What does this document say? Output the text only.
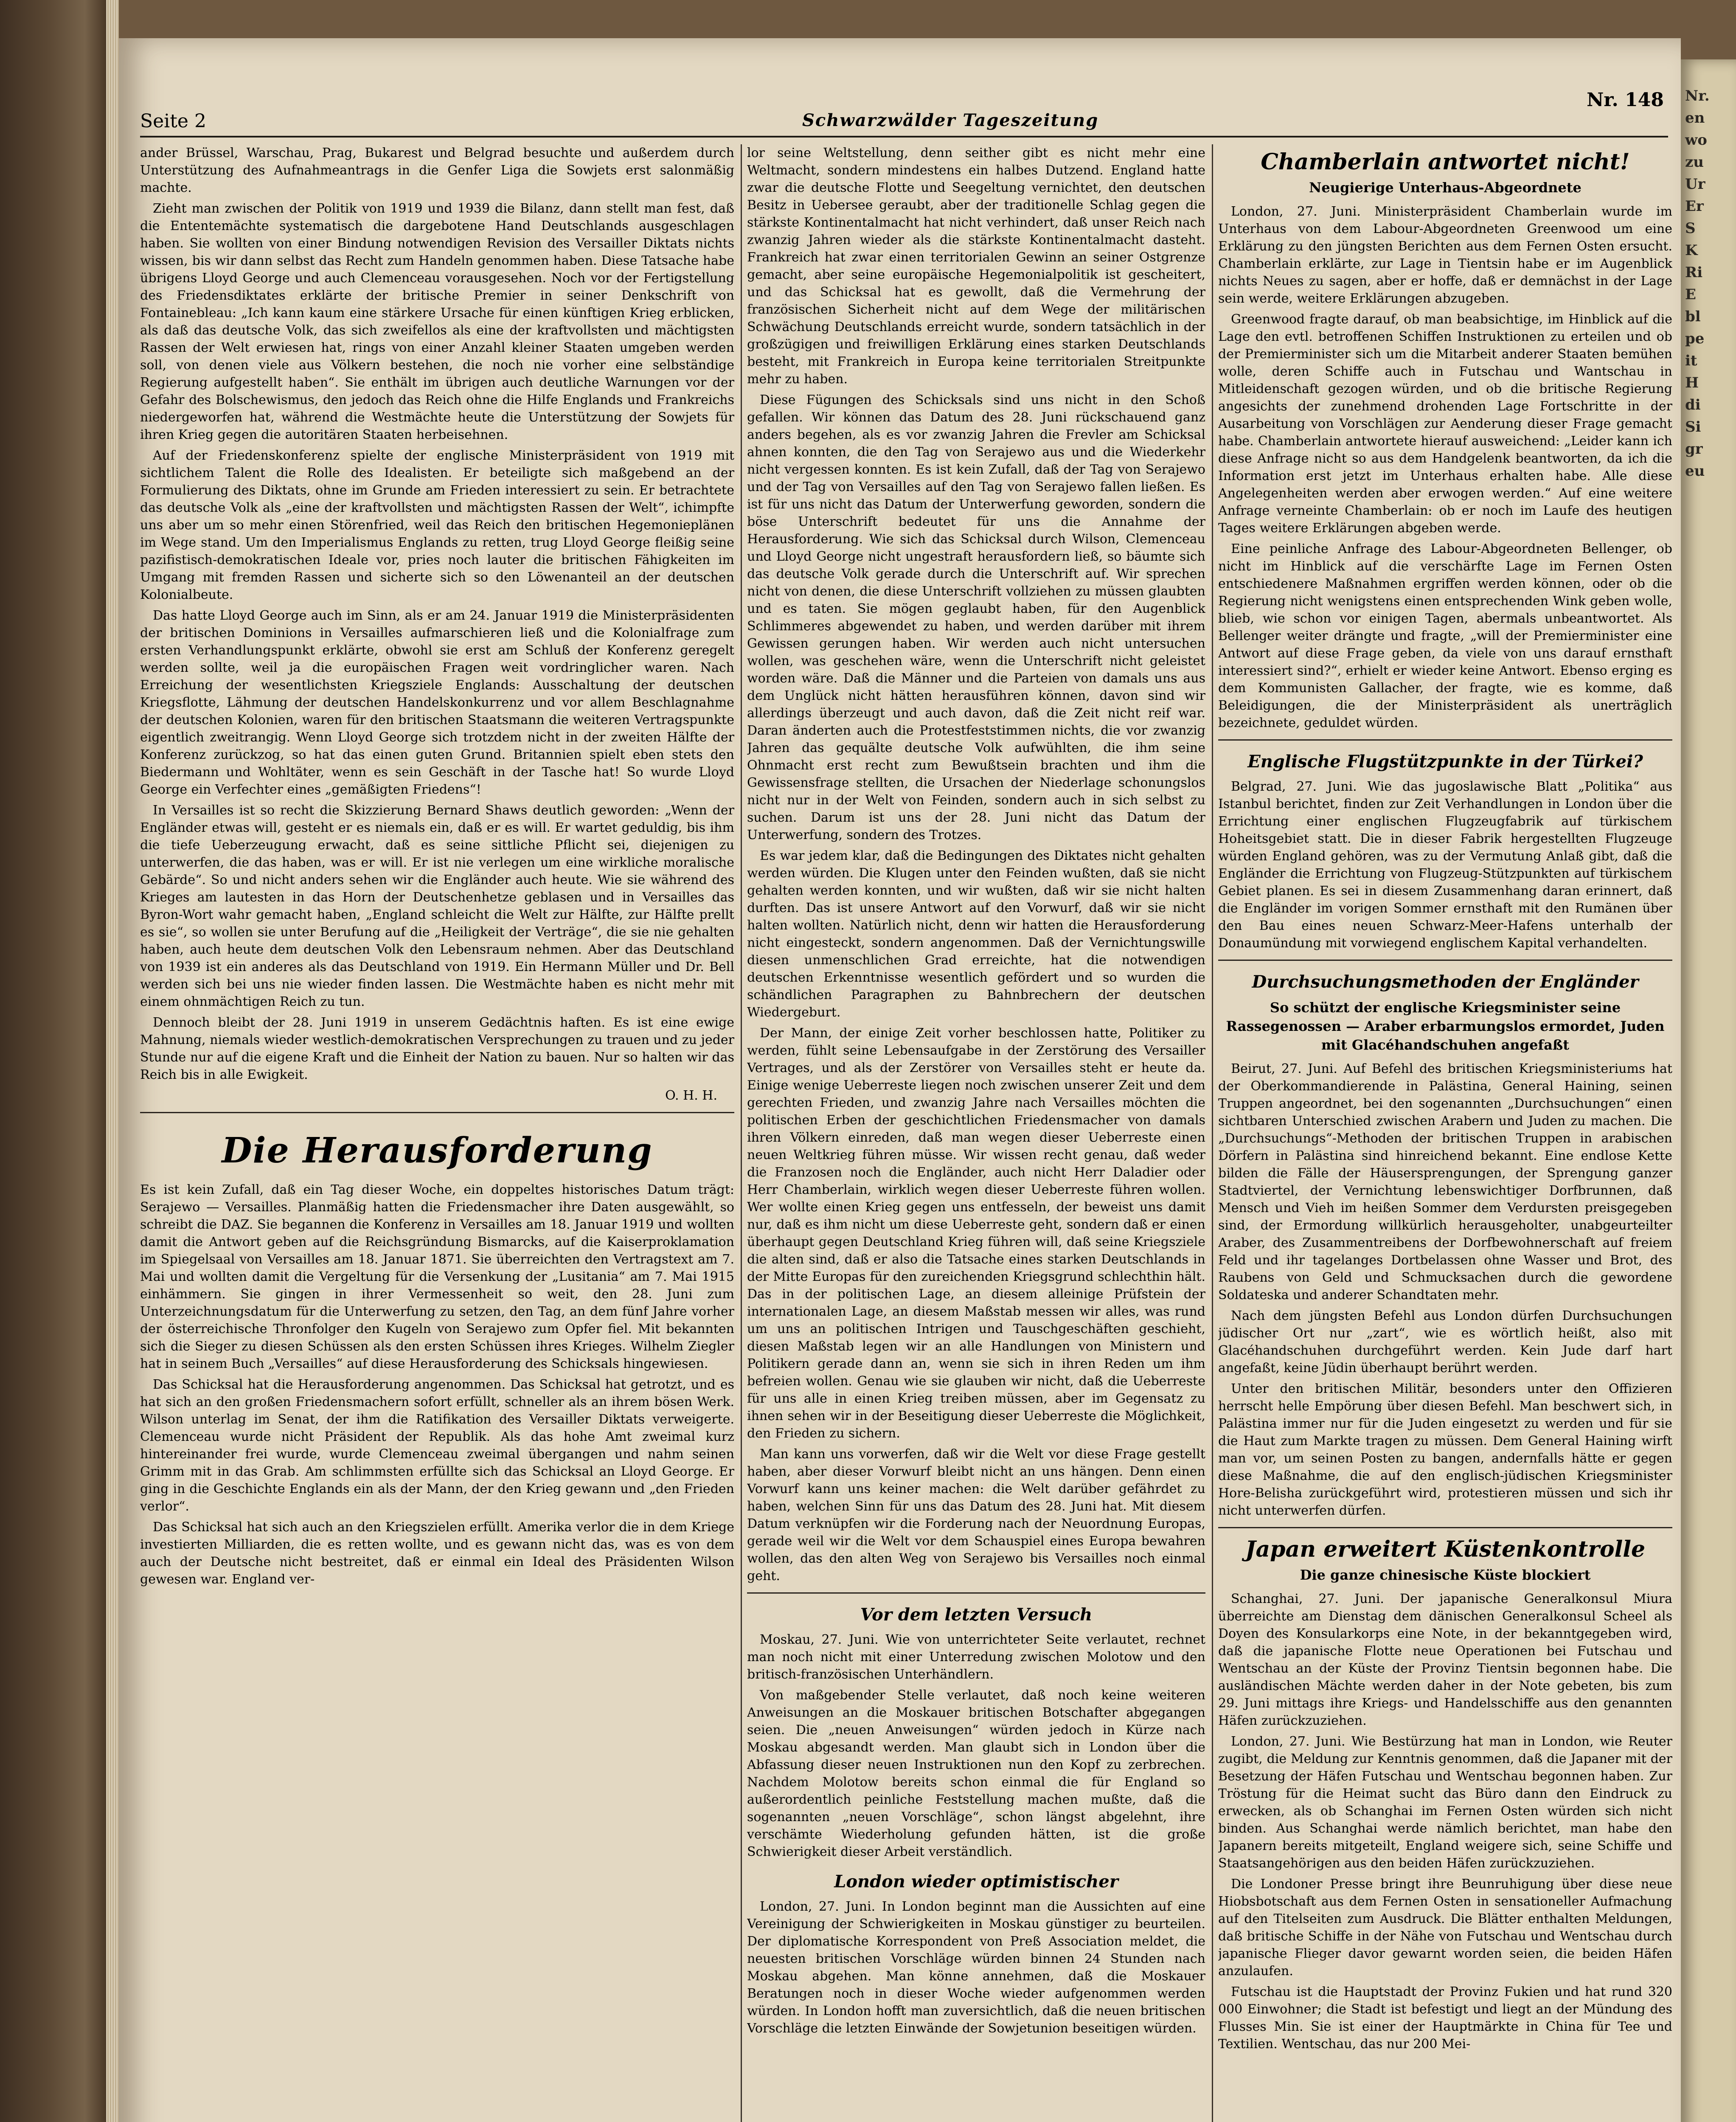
Nr.
en
wo
zu
Ur
Er
S
K
Ri
E
bl
pe
it
H
di
Si
gr
eu
Seite 2	Schwarzwälder Tageszeitung
Nr. 148

ander Brüssel, Warschau, Prag, Bukarest und Belgrad besuchte und außerdem durch Unterstützung des Aufnahmeantrags in die Genfer Liga die Sowjets erst salonmäßig machte.

Zieht man zwischen der Politik von 1919 und 1939 die Bilanz, dann stellt man fest, daß die Ententemächte systematisch die dargebotene Hand Deutschlands ausgeschlagen haben. Sie wollten von einer Bindung notwendigen Revision des Versailler Diktats nichts wissen, bis wir dann selbst das Recht zum Handeln genommen haben. Diese Tatsache habe übrigens Lloyd George und auch Clemenceau vorausgesehen. Noch vor der Fertigstellung des Friedensdiktates erklärte der britische Premier in seiner Denkschrift von Fontainebleau: „Ich kann kaum eine stärkere Ursache für einen künftigen Krieg erblicken, als daß das deutsche Volk, das sich zweifellos als eine der kraftvollsten und mächtigsten Rassen der Welt erwiesen hat, rings von einer Anzahl kleiner Staaten umgeben werden soll, von denen viele aus Völkern bestehen, die noch nie vorher eine selbständige Regierung aufgestellt haben“. Sie enthält im übrigen auch deutliche Warnungen vor der Gefahr des Bolschewismus, den jedoch das Reich ohne die Hilfe Englands und Frankreichs niedergeworfen hat, während die Westmächte heute die Unterstützung der Sowjets für ihren Krieg gegen die autoritären Staaten herbeisehnen.

Auf der Friedenskonferenz spielte der englische Ministerpräsident von 1919 mit sichtlichem Talent die Rolle des Idealisten. Er beteiligte sich maßgebend an der Formulierung des Diktats, ohne im Grunde am Frieden interessiert zu sein. Er betrachtete das deutsche Volk als „eine der kraftvollsten und mächtigsten Rassen der Welt“, ichimpfte uns aber um so mehr einen Störenfried, weil das Reich den britischen Hegemonieplänen im Wege stand. Um den Imperialismus Englands zu retten, trug Lloyd George fleißig seine pazifistisch-demokratischen Ideale vor, pries noch lauter die britischen Fähigkeiten im Umgang mit fremden Rassen und sicherte sich so den Löwenanteil an der deutschen Kolonialbeute.

Das hatte Lloyd George auch im Sinn, als er am 24. Januar 1919 die Ministerpräsidenten der britischen Dominions in Versailles aufmarschieren ließ und die Kolonialfrage zum ersten Verhandlungspunkt erklärte, obwohl sie erst am Schluß der Konferenz geregelt werden sollte, weil ja die europäischen Fragen weit vordringlicher waren. Nach Erreichung der wesentlichsten Kriegsziele Englands: Ausschaltung der deutschen Kriegsflotte, Lähmung der deutschen Handelskonkurrenz und vor allem Beschlagnahme der deutschen Kolonien, waren für den britischen Staatsmann die weiteren Vertragspunkte eigentlich zweitrangig. Wenn Lloyd George sich trotzdem nicht in der zweiten Hälfte der Konferenz zurückzog, so hat das einen guten Grund. Britannien spielt eben stets den Biedermann und Wohltäter, wenn es sein Geschäft in der Tasche hat! So wurde Lloyd George ein Verfechter eines „gemäßigten Friedens“!

In Versailles ist so recht die Skizzierung Bernard Shaws deutlich geworden: „Wenn der Engländer etwas will, gesteht er es niemals ein, daß er es will. Er wartet geduldig, bis ihm die tiefe Ueberzeugung erwacht, daß es seine sittliche Pflicht sei, diejenigen zu unterwerfen, die das haben, was er will. Er ist nie verlegen um eine wirkliche moralische Gebärde“. So und nicht anders sehen wir die Engländer auch heute. Wie sie während des Krieges am lautesten in das Horn der Deutschenhetze geblasen und in Versailles das Byron-Wort wahr gemacht haben, „England schleicht die Welt zur Hälfte, zur Hälfte prellt es sie“, so wollen sie unter Berufung auf die „Heiligkeit der Verträge“, die sie nie gehalten haben, auch heute dem deutschen Volk den Lebensraum nehmen. Aber das Deutschland von 1939 ist ein anderes als das Deutschland von 1919. Ein Hermann Müller und Dr. Bell werden sich bei uns nie wieder finden lassen. Die Westmächte haben es nicht mehr mit einem ohnmächtigen Reich zu tun.

Dennoch bleibt der 28. Juni 1919 in unserem Gedächtnis haften. Es ist eine ewige Mahnung, niemals wieder westlich-demokratischen Versprechungen zu trauen und zu jeder Stunde nur auf die eigene Kraft und die Einheit der Nation zu bauen. Nur so halten wir das Reich bis in alle Ewigkeit.

O. H. H.

Die Herausforderung

Es ist kein Zufall, daß ein Tag dieser Woche, ein doppeltes historisches Datum trägt: Serajewo — Versailles. Planmäßig hatten die Friedensmacher ihre Daten ausgewählt, so schreibt die DAZ. Sie begannen die Konferenz in Versailles am 18. Januar 1919 und wollten damit die Antwort geben auf die Reichsgründung Bismarcks, auf die Kaiserproklamation im Spiegelsaal von Versailles am 18. Januar 1871. Sie überreichten den Vertragstext am 7. Mai und wollten damit die Vergeltung für die Versenkung der „Lusitania“ am 7. Mai 1915 einhämmern. Sie gingen in ihrer Vermessenheit so weit, den 28. Juni zum Unterzeichnungsdatum für die Unterwerfung zu setzen, den Tag, an dem fünf Jahre vorher der österreichische Thronfolger den Kugeln von Serajewo zum Opfer fiel. Mit bekannten sich die Sieger zu diesen Schüssen als den ersten Schüssen ihres Krieges. Wilhelm Ziegler hat in seinem Buch „Versailles“ auf diese Herausforderung des Schicksals hingewiesen.

Das Schicksal hat die Herausforderung angenommen. Das Schicksal hat getrotzt, und es hat sich an den großen Friedensmachern sofort erfüllt, schneller als an ihrem bösen Werk. Wilson unterlag im Senat, der ihm die Ratifikation des Versailler Diktats verweigerte. Clemenceau wurde nicht Präsident der Republik. Als das hohe Amt zweimal kurz hintereinander frei wurde, wurde Clemenceau zweimal übergangen und nahm seinen Grimm mit in das Grab. Am schlimmsten erfüllte sich das Schicksal an Lloyd George. Er ging in die Geschichte Englands ein als der Mann, der den Krieg gewann und „den Frieden verlor“.

Das Schicksal hat sich auch an den Kriegszielen erfüllt. Amerika verlor die in dem Kriege investierten Milliarden, die es retten wollte, und es gewann nicht das, was es von dem auch der Deutsche nicht bestreitet, daß er einmal ein Ideal des Präsidenten Wilson gewesen war. England ver-

lor seine Weltstellung, denn seither gibt es nicht mehr eine Weltmacht, sondern mindestens ein halbes Dutzend. England hatte zwar die deutsche Flotte und Seegeltung vernichtet, den deutschen Besitz in Uebersee geraubt, aber der traditionelle Schlag gegen die stärkste Kontinentalmacht hat nicht verhindert, daß unser Reich nach zwanzig Jahren wieder als die stärkste Kontinentalmacht dasteht. Frankreich hat zwar einen territorialen Gewinn an seiner Ostgrenze gemacht, aber seine europäische Hegemonialpolitik ist gescheitert, und das Schicksal hat es gewollt, daß die Vermehrung der französischen Sicherheit nicht auf dem Wege der militärischen Schwächung Deutschlands erreicht wurde, sondern tatsächlich in der großzügigen und freiwilligen Erklärung eines starken Deutschlands besteht, mit Frankreich in Europa keine territorialen Streitpunkte mehr zu haben.

Diese Fügungen des Schicksals sind uns nicht in den Schoß gefallen. Wir können das Datum des 28. Juni rückschauend ganz anders begehen, als es vor zwanzig Jahren die Frevler am Schicksal ahnen konnten, die den Tag von Serajewo aus und die Wiederkehr nicht vergessen konnten. Es ist kein Zufall, daß der Tag von Serajewo und der Tag von Versailles auf den Tag von Serajewo fallen ließen. Es ist für uns nicht das Datum der Unterwerfung geworden, sondern die böse Unterschrift bedeutet für uns die Annahme der Herausforderung. Wie sich das Schicksal durch Wilson, Clemenceau und Lloyd George nicht ungestraft herausfordern ließ, so bäumte sich das deutsche Volk gerade durch die Unterschrift auf. Wir sprechen nicht von denen, die diese Unterschrift vollziehen zu müssen glaubten und es taten. Sie mögen geglaubt haben, für den Augenblick Schlimmeres abgewendet zu haben, und werden darüber mit ihrem Gewissen gerungen haben. Wir werden auch nicht untersuchen wollen, was geschehen wäre, wenn die Unterschrift nicht geleistet worden wäre. Daß die Männer und die Parteien von damals uns aus dem Unglück nicht hätten herausführen können, davon sind wir allerdings überzeugt und auch davon, daß die Zeit nicht reif war. Daran änderten auch die Protestfeststimmen nichts, die vor zwanzig Jahren das gequälte deutsche Volk aufwühlten, die ihm seine Ohnmacht erst recht zum Bewußtsein brachten und ihm die Gewissensfrage stellten, die Ursachen der Niederlage schonungslos nicht nur in der Welt von Feinden, sondern auch in sich selbst zu suchen. Darum ist uns der 28. Juni nicht das Datum der Unterwerfung, sondern des Trotzes.

Es war jedem klar, daß die Bedingungen des Diktates nicht gehalten werden würden. Die Klugen unter den Feinden wußten, daß sie nicht gehalten werden konnten, und wir wußten, daß wir sie nicht halten durften. Das ist unsere Antwort auf den Vorwurf, daß wir sie nicht halten wollten. Natürlich nicht, denn wir hatten die Herausforderung nicht eingesteckt, sondern angenommen. Daß der Vernichtungswille diesen unmenschlichen Grad erreichte, hat die notwendigen deutschen Erkenntnisse wesentlich gefördert und so wurden die schändlichen Paragraphen zu Bahnbrechern der deutschen Wiedergeburt.

Der Mann, der einige Zeit vorher beschlossen hatte, Politiker zu werden, fühlt seine Lebensaufgabe in der Zerstörung des Versailler Vertrages, und als der Zerstörer von Versailles steht er heute da. Einige wenige Ueberreste liegen noch zwischen unserer Zeit und dem gerechten Frieden, und zwanzig Jahre nach Versailles möchten die politischen Erben der geschichtlichen Friedensmacher von damals ihren Völkern einreden, daß man wegen dieser Ueberreste einen neuen Weltkrieg führen müsse. Wir wissen recht genau, daß weder die Franzosen noch die Engländer, auch nicht Herr Daladier oder Herr Chamberlain, wirklich wegen dieser Ueberreste führen wollen. Wer wollte einen Krieg gegen uns entfesseln, der beweist uns damit nur, daß es ihm nicht um diese Ueberreste geht, sondern daß er einen überhaupt gegen Deutschland Krieg führen will, daß seine Kriegsziele die alten sind, daß er also die Tatsache eines starken Deutschlands in der Mitte Europas für den zureichenden Kriegsgrund schlechthin hält. Das in der politischen Lage, an diesem alleinige Prüfstein der internationalen Lage, an diesem Maßstab messen wir alles, was rund um uns an politischen Intrigen und Tauschgeschäften geschieht, diesen Maßstab legen wir an alle Handlungen von Ministern und Politikern gerade dann an, wenn sie sich in ihren Reden um ihm befreien wollen. Genau wie sie glauben wir nicht, daß die Ueberreste für uns alle in einen Krieg treiben müssen, aber im Gegensatz zu ihnen sehen wir in der Beseitigung dieser Ueberreste die Möglichkeit, den Frieden zu sichern.

Man kann uns vorwerfen, daß wir die Welt vor diese Frage gestellt haben, aber dieser Vorwurf bleibt nicht an uns hängen. Denn einen Vorwurf kann uns keiner machen: die Welt darüber gefährdet zu haben, welchen Sinn für uns das Datum des 28. Juni hat. Mit diesem Datum verknüpfen wir die Forderung nach der Neuordnung Europas, gerade weil wir die Welt vor dem Schauspiel eines Europa bewahren wollen, das den alten Weg von Serajewo bis Versailles noch einmal geht.

Vor dem letzten Versuch

Moskau, 27. Juni. Wie von unterrichteter Seite verlautet, rechnet man noch nicht mit einer Unterredung zwischen Molotow und den britisch-französischen Unterhändlern.

Von maßgebender Stelle verlautet, daß noch keine weiteren Anweisungen an die Moskauer britischen Botschafter abgegangen seien. Die „neuen Anweisungen“ würden jedoch in Kürze nach Moskau abgesandt werden. Man glaubt sich in London über die Abfassung dieser neuen Instruktionen nun den Kopf zu zerbrechen. Nachdem Molotow bereits schon einmal die für England so außerordentlich peinliche Feststellung machen mußte, daß die sogenannten „neuen Vorschläge“, schon längst abgelehnt, ihre verschämte Wiederholung gefunden hätten, ist die große Schwierigkeit dieser Arbeit verständlich.

London wieder optimistischer

London, 27. Juni. In London beginnt man die Aussichten auf eine Vereinigung der Schwierigkeiten in Moskau günstiger zu beurteilen. Der diplomatische Korrespondent von Preß Association meldet, die neuesten britischen Vorschläge würden binnen 24 Stunden nach Moskau abgehen. Man könne annehmen, daß die Moskauer Beratungen noch in dieser Woche wieder aufgenommen werden würden. In London hofft man zuversichtlich, daß die neuen britischen Vorschläge die letzten Einwände der Sowjetunion beseitigen würden.

Chamberlain antwortet nicht!
Neugierige Unterhaus-Abgeordnete

London, 27. Juni. Ministerpräsident Chamberlain wurde im Unterhaus von dem Labour-Abgeordneten Greenwood um eine Erklärung zu den jüngsten Berichten aus dem Fernen Osten ersucht. Chamberlain erklärte, zur Lage in Tientsin habe er im Augenblick nichts Neues zu sagen, aber er hoffe, daß er demnächst in der Lage sein werde, weitere Erklärungen abzugeben.

Greenwood fragte darauf, ob man beabsichtige, im Hinblick auf die Lage den evtl. betroffenen Schiffen Instruktionen zu erteilen und ob der Premierminister sich um die Mitarbeit anderer Staaten bemühen wolle, deren Schiffe auch in Futschau und Wantschau in Mitleidenschaft gezogen würden, und ob die britische Regierung angesichts der zunehmend drohenden Lage Fortschritte in der Ausarbeitung von Vorschlägen zur Aenderung dieser Frage gemacht habe. Chamberlain antwortete hierauf ausweichend: „Leider kann ich diese Anfrage nicht so aus dem Handgelenk beantworten, da ich die Information erst jetzt im Unterhaus erhalten habe. Alle diese Angelegenheiten werden aber erwogen werden.“ Auf eine weitere Anfrage verneinte Chamberlain: ob er noch im Laufe des heutigen Tages weitere Erklärungen abgeben werde.

Eine peinliche Anfrage des Labour-Abgeordneten Bellenger, ob nicht im Hinblick auf die verschärfte Lage im Fernen Osten entschiedenere Maßnahmen ergriffen werden können, oder ob die Regierung nicht wenigstens einen entsprechenden Wink geben wolle, blieb, wie schon vor einigen Tagen, abermals unbeantwortet. Als Bellenger weiter drängte und fragte, „will der Premierminister eine Antwort auf diese Frage geben, da viele von uns darauf ernsthaft interessiert sind?“, erhielt er wieder keine Antwort. Ebenso erging es dem Kommunisten Gallacher, der fragte, wie es komme, daß Beleidigungen, die der Ministerpräsident als unerträglich bezeichnete, geduldet würden.

Englische Flugstützpunkte in der Türkei?

Belgrad, 27. Juni. Wie das jugoslawische Blatt „Politika“ aus Istanbul berichtet, finden zur Zeit Verhandlungen in London über die Errichtung einer englischen Flugzeugfabrik auf türkischem Hoheitsgebiet statt. Die in dieser Fabrik hergestellten Flugzeuge würden England gehören, was zu der Vermutung Anlaß gibt, daß die Engländer die Errichtung von Flugzeug-Stützpunkten auf türkischem Gebiet planen. Es sei in diesem Zusammenhang daran erinnert, daß die Engländer im vorigen Sommer ernsthaft mit den Rumänen über den Bau eines neuen Schwarz-Meer-Hafens unterhalb der Donaumündung mit vorwiegend englischem Kapital verhandelten.

Durchsuchungsmethoden der Engländer
So schützt der englische Kriegsminister seine Rassegenossen — Araber erbarmungslos ermordet, Juden mit Glacéhandschuhen angefaßt

Beirut, 27. Juni. Auf Befehl des britischen Kriegsministeriums hat der Oberkommandierende in Palästina, General Haining, seinen Truppen angeordnet, bei den sogenannten „Durchsuchungen“ einen sichtbaren Unterschied zwischen Arabern und Juden zu machen. Die „Durchsuchungs“-Methoden der britischen Truppen in arabischen Dörfern in Palästina sind hinreichend bekannt. Eine endlose Kette bilden die Fälle der Häusersprengungen, der Sprengung ganzer Stadtviertel, der Vernichtung lebenswichtiger Dorfbrunnen, daß Mensch und Vieh im heißen Sommer dem Verdursten preisgegeben sind, der Ermordung willkürlich herausgeholter, unabgeurteilter Araber, des Zusammentreibens der Dorfbewohnerschaft auf freiem Feld und ihr tagelanges Dortbelassen ohne Wasser und Brot, des Raubens von Geld und Schmucksachen durch die gewordene Soldateska und anderer Schandtaten mehr.

Nach dem jüngsten Befehl aus London dürfen Durchsuchungen jüdischer Ort nur „zart“, wie es wörtlich heißt, also mit Glacéhandschuhen durchgeführt werden. Kein Jude darf hart angefaßt, keine Jüdin überhaupt berührt werden.

Unter den britischen Militär, besonders unter den Offizieren herrscht helle Empörung über diesen Befehl. Man beschwert sich, in Palästina immer nur für die Juden eingesetzt zu werden und für sie die Haut zum Markte tragen zu müssen. Dem General Haining wirft man vor, um seinen Posten zu bangen, andernfalls hätte er gegen diese Maßnahme, die auf den englisch-jüdischen Kriegsminister Hore-Belisha zurückgeführt wird, protestieren müssen und sich ihr nicht unterwerfen dürfen.

Japan erweitert Küstenkontrolle
Die ganze chinesische Küste blockiert

Schanghai, 27. Juni. Der japanische Generalkonsul Miura überreichte am Dienstag dem dänischen Generalkonsul Scheel als Doyen des Konsularkorps eine Note, in der bekanntgegeben wird, daß die japanische Flotte neue Operationen bei Futschau und Wentschau an der Küste der Provinz Tientsin begonnen habe. Die ausländischen Mächte werden daher in der Note gebeten, bis zum 29. Juni mittags ihre Kriegs- und Handelsschiffe aus den genannten Häfen zurückzuziehen.

London, 27. Juni. Wie Bestürzung hat man in London, wie Reuter zugibt, die Meldung zur Kenntnis genommen, daß die Japaner mit der Besetzung der Häfen Futschau und Wentschau begonnen haben. Zur Tröstung für die Heimat sucht das Büro dann den Eindruck zu erwecken, als ob Schanghai im Fernen Osten würden sich nicht binden. Aus Schanghai werde nämlich berichtet, man habe den Japanern bereits mitgeteilt, England weigere sich, seine Schiffe und Staatsangehörigen aus den beiden Häfen zurückzuziehen.

Die Londoner Presse bringt ihre Beunruhigung über diese neue Hiobsbotschaft aus dem Fernen Osten in sensationeller Aufmachung auf den Titelseiten zum Ausdruck. Die Blätter enthalten Meldungen, daß britische Schiffe in der Nähe von Futschau und Wentschau durch japanische Flieger davor gewarnt worden seien, die beiden Häfen anzulaufen.

Futschau ist die Hauptstadt der Provinz Fukien und hat rund 320 000 Einwohner; die Stadt ist befestigt und liegt an der Mündung des Flusses Min. Sie ist einer der Hauptmärkte in China für Tee und Textilien. Wentschau, das nur 200 Mei-
